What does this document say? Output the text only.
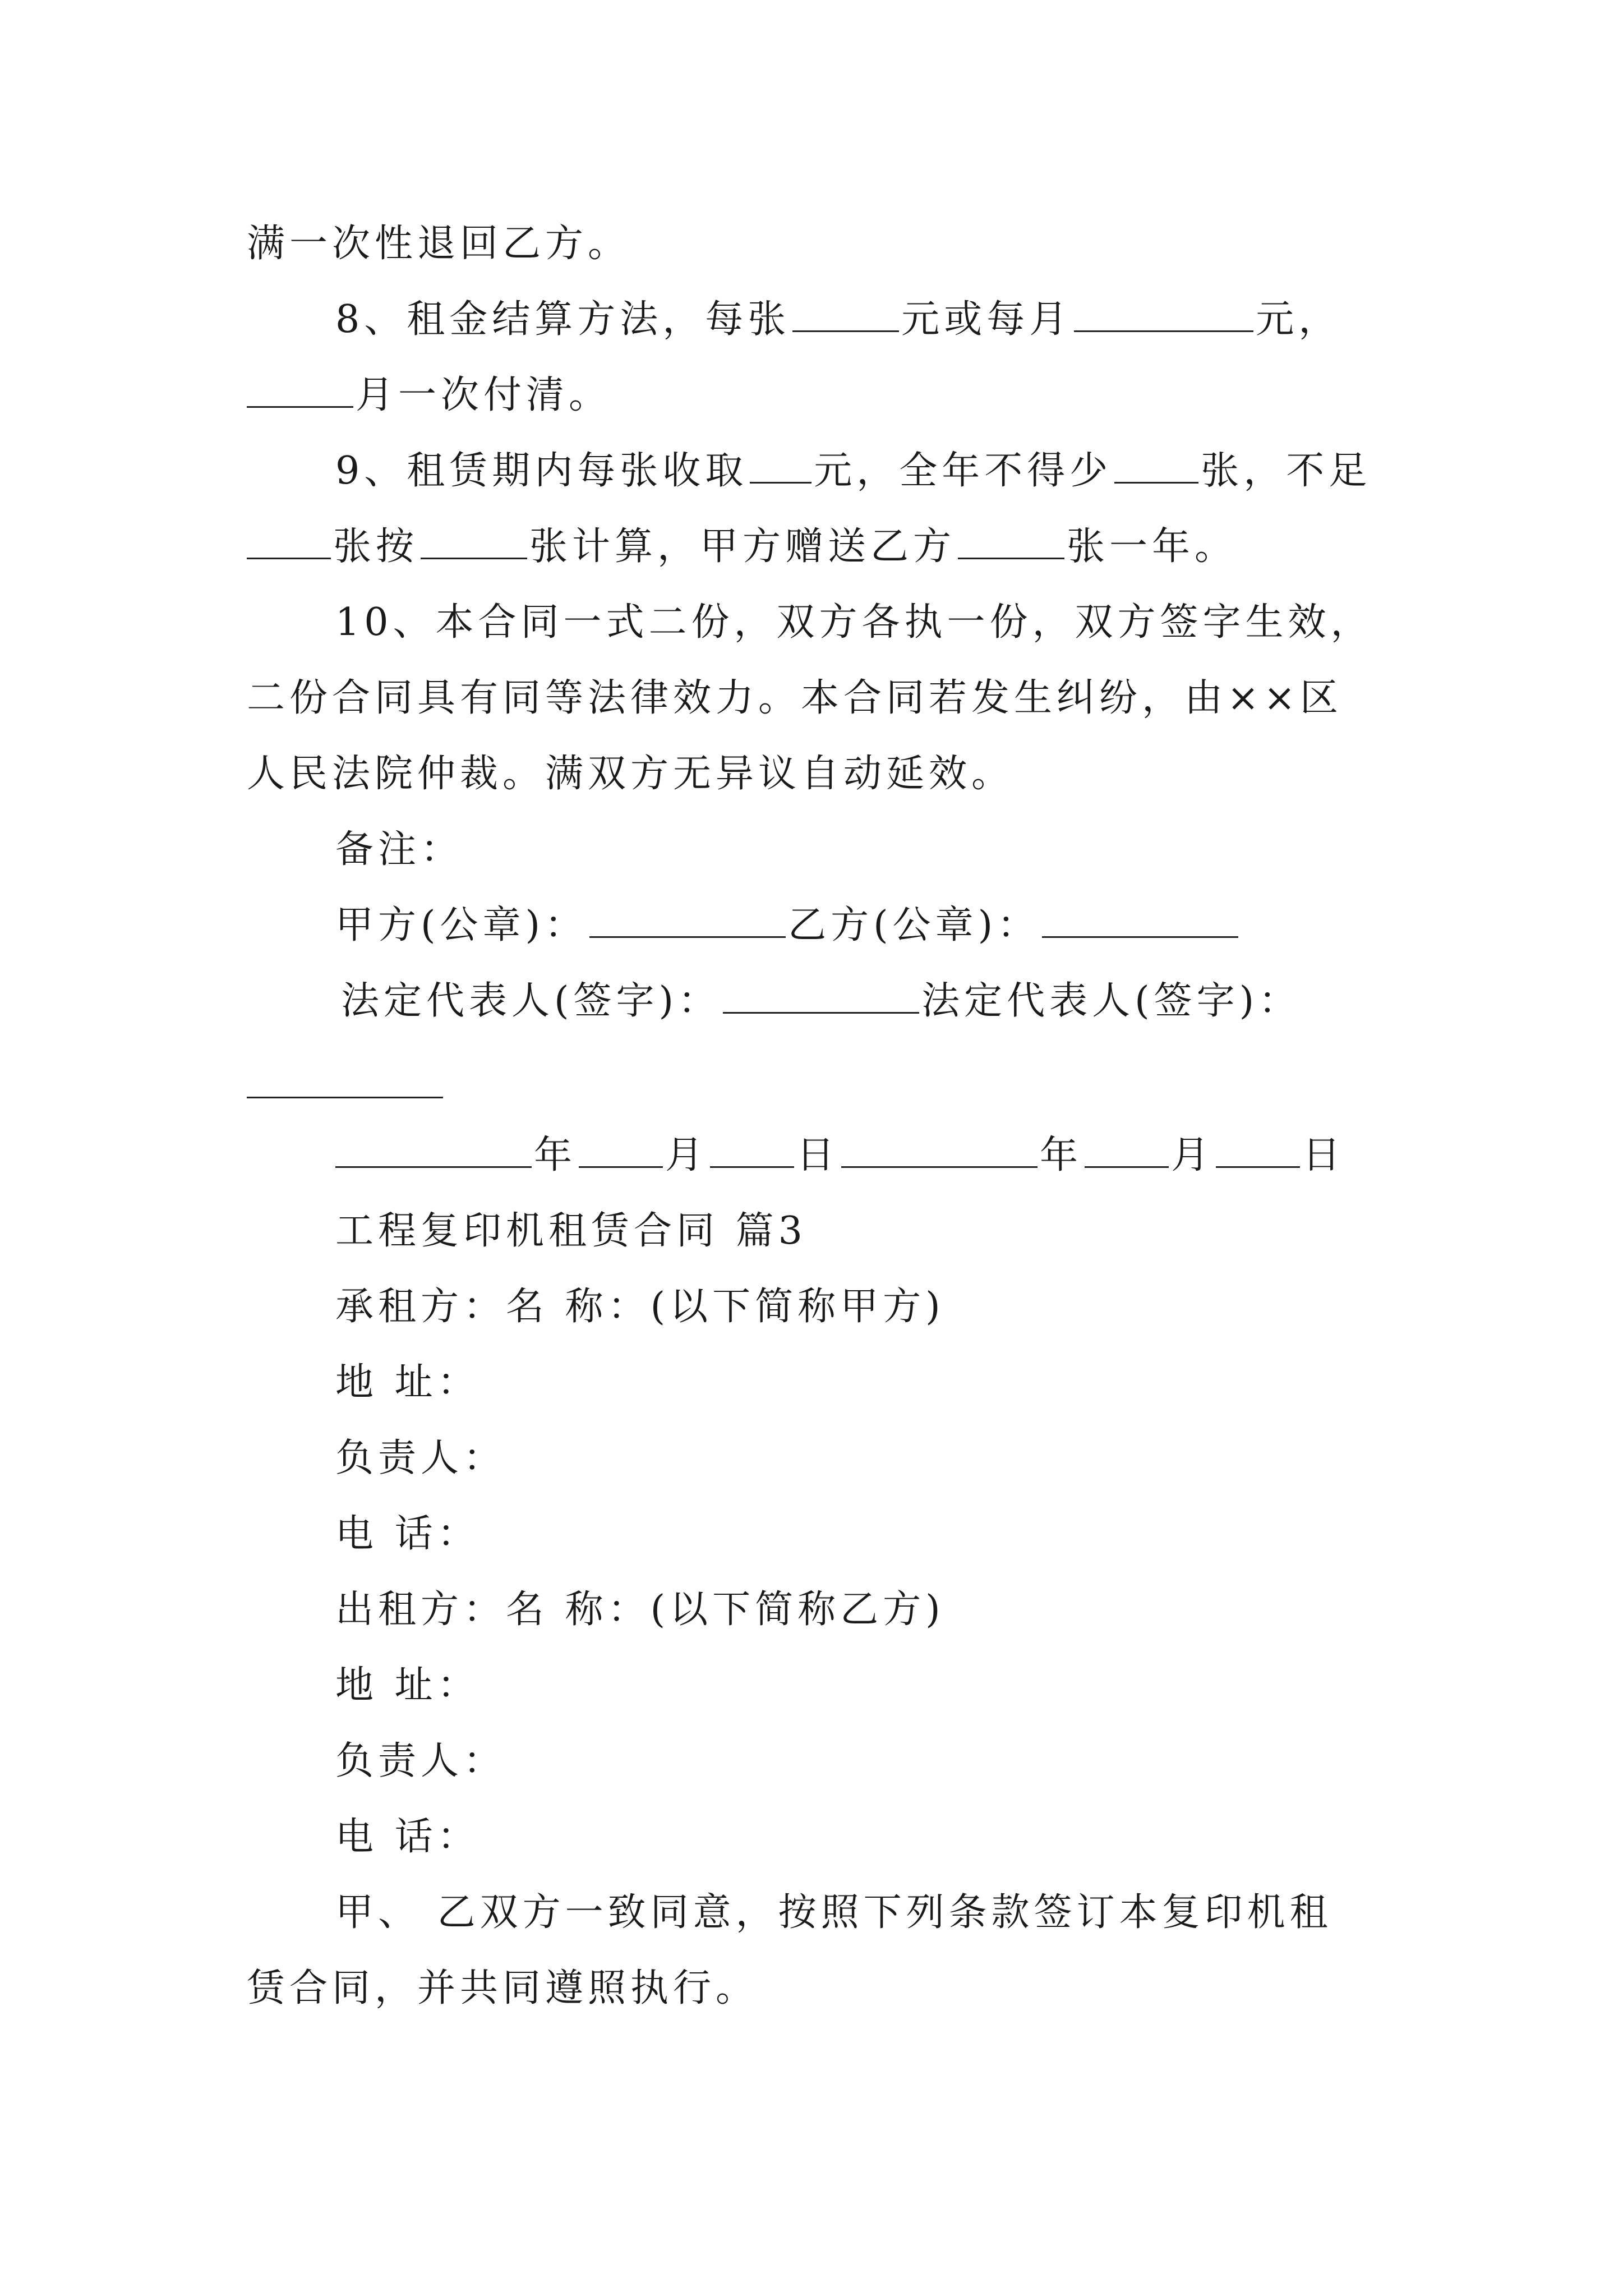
满一次性退回乙方。
8、租金结算方法，每张	元或每月	元，
月一次付清。
9、租赁期内每张收取 元，全年不得少 张，不足
张按	张计算，甲方赠送乙方	张一年。
10、本合同一式二份，双方各执一份，双方签字生效，
二份合同具有同等法律效力。本合同若发生纠纷，由××区
人民法院仲裁。满双方无异议自动延效。
备注：
甲方(公章)：	乙方(公章)：
法定代表人(签字)：	法定代表人(签字)：
年 月 日	年 月 日
工程复印机租赁合同 篇3
承租方：名 称：(以下简称甲方)
地 址：
负责人：
电 话：
出租方：名 称：(以下简称乙方)
地 址：
负责人：
电 话：
甲、 乙双方一致同意，按照下列条款签订本复印机租
赁合同，并共同遵照执行。
